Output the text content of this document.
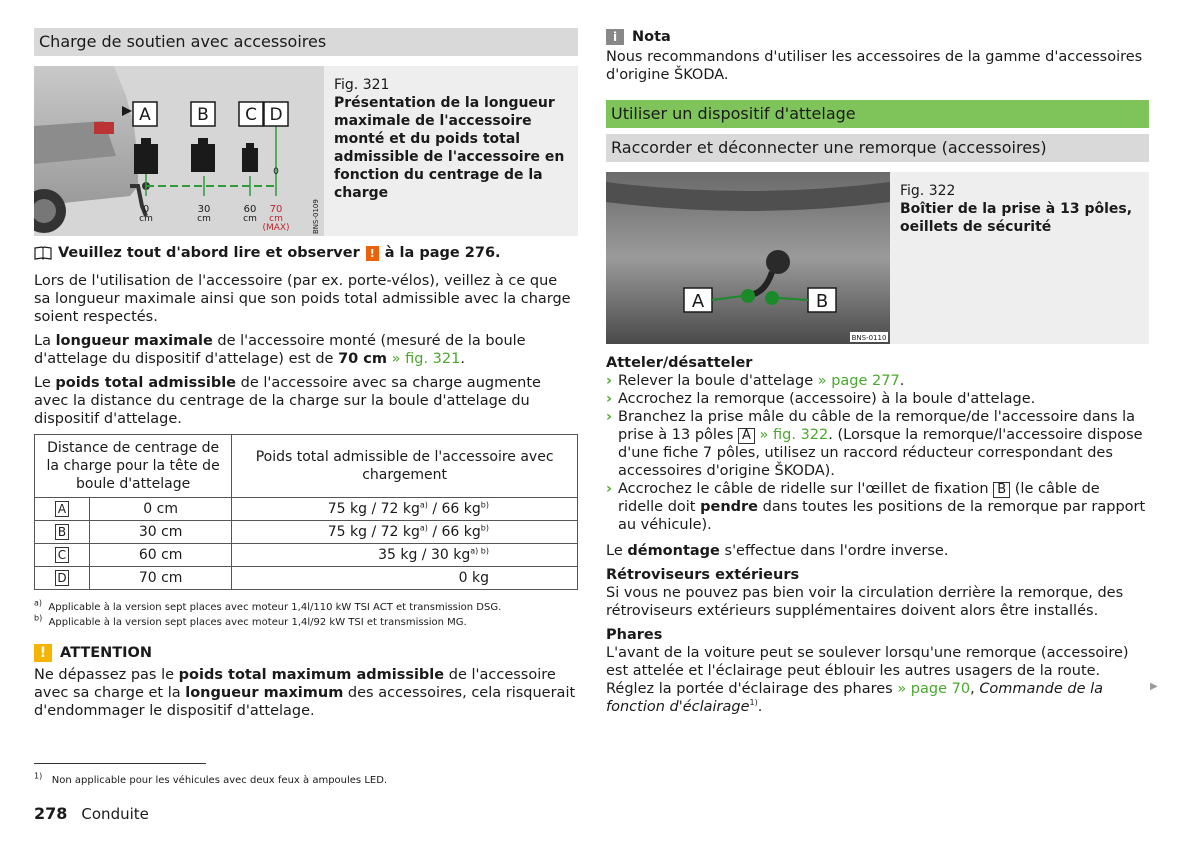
Charge de soutien avec accessoires
A	B C D
0
0
cm
30
cm
60
cm
70
cm
(MAX)	BNS-0109
Fig. 321
Présentation de la longueur maximale de l'accessoire monté et du poids total admissible de l'accessoire en fonction du centrage de la charge
Veuillez tout d'abord lire et observer ! à la page 276.

Lors de l'utilisation de l'accessoire (par ex. porte-vélos), veillez à ce que sa longueur maximale ainsi que son poids total admissible avec la charge soient respectés.

La longueur maximale de l'accessoire monté (mesuré de la boule d'attelage du dispositif d'attelage) est de 70 cm » fig. 321.

Le poids total admissible de l'accessoire avec sa charge augmente avec la distance du centrage de la charge sur la boule d'attelage du dispositif d'attelage.

Distance de centrage de la charge pour la tête de boule d'attelage		Poids total admissible de l'accessoire avec chargement
A	0 cm	75 kg / 72 $kg^{a)} / 66$ $kg^{b)}$
B	30 cm	75 kg / 72 $kg^{a)} / 66$ $kg^{b)}$
C	60 cm	35 kg / 30 $kg^{a) b)}$
D	70 cm	0 kg
$^{a)}$ Applicable à la version sept places avec moteur 1,4l/110 kW TSI ACT et transmission DSG.
$^{b)}$ Applicable à la version sept places avec moteur 1,4l/92 kW TSI et transmission MG.
! ATTENTION

Ne dépassez pas le poids total maximum admissible de l'accessoire avec sa charge et la longueur maximum des accessoires, cela risquerait d'endommager le dispositif d'attelage.

i	Nota

Nous recommandons d'utiliser les accessoires de la gamme d'accessoires d'origine ŠKODA.

Utiliser un dispositif d'attelage
Raccorder et déconnecter une remorque (accessoires)
A	B
BNS-0110
Fig. 322
Boîtier de la prise à 13 pôles, oeillets de sécurité
Atteler/désatteler
› Relever la boule d'attelage » page 277.
› Accrochez la remorque (accessoire) à la boule d'attelage.
› Branchez la prise mâle du câble de la remorque/de l'accessoire dans la prise à 13 pôles A » fig. 322. (Lorsque la remorque/l'accessoire dispose d'une fiche 7 pôles, utilisez un raccord réducteur correspondant des accessoires d'origine ŠKODA).
› Accrochez le câble de ridelle sur l'œillet de fixation B (le câble de ridelle doit pendre dans toutes les positions de la remorque par rapport au véhicule).

Le démontage s'effectue dans l'ordre inverse.

Rétroviseurs extérieurs

Si vous ne pouvez pas bien voir la circulation derrière la remorque, des rétroviseurs extérieurs supplémentaires doivent alors être installés.

Phares

L'avant de la voiture peut se soulever lorsqu'une remorque (accessoire) est attelée et l'éclairage peut éblouir les autres usagers de la route. Réglez la portée d'éclairage des phares » page 70, Commande de la fonction d'éclairage$^{1)}$.

▶
$^{1)}$ Non applicable pour les véhicules avec deux feux à ampoules LED.
278 Conduite
